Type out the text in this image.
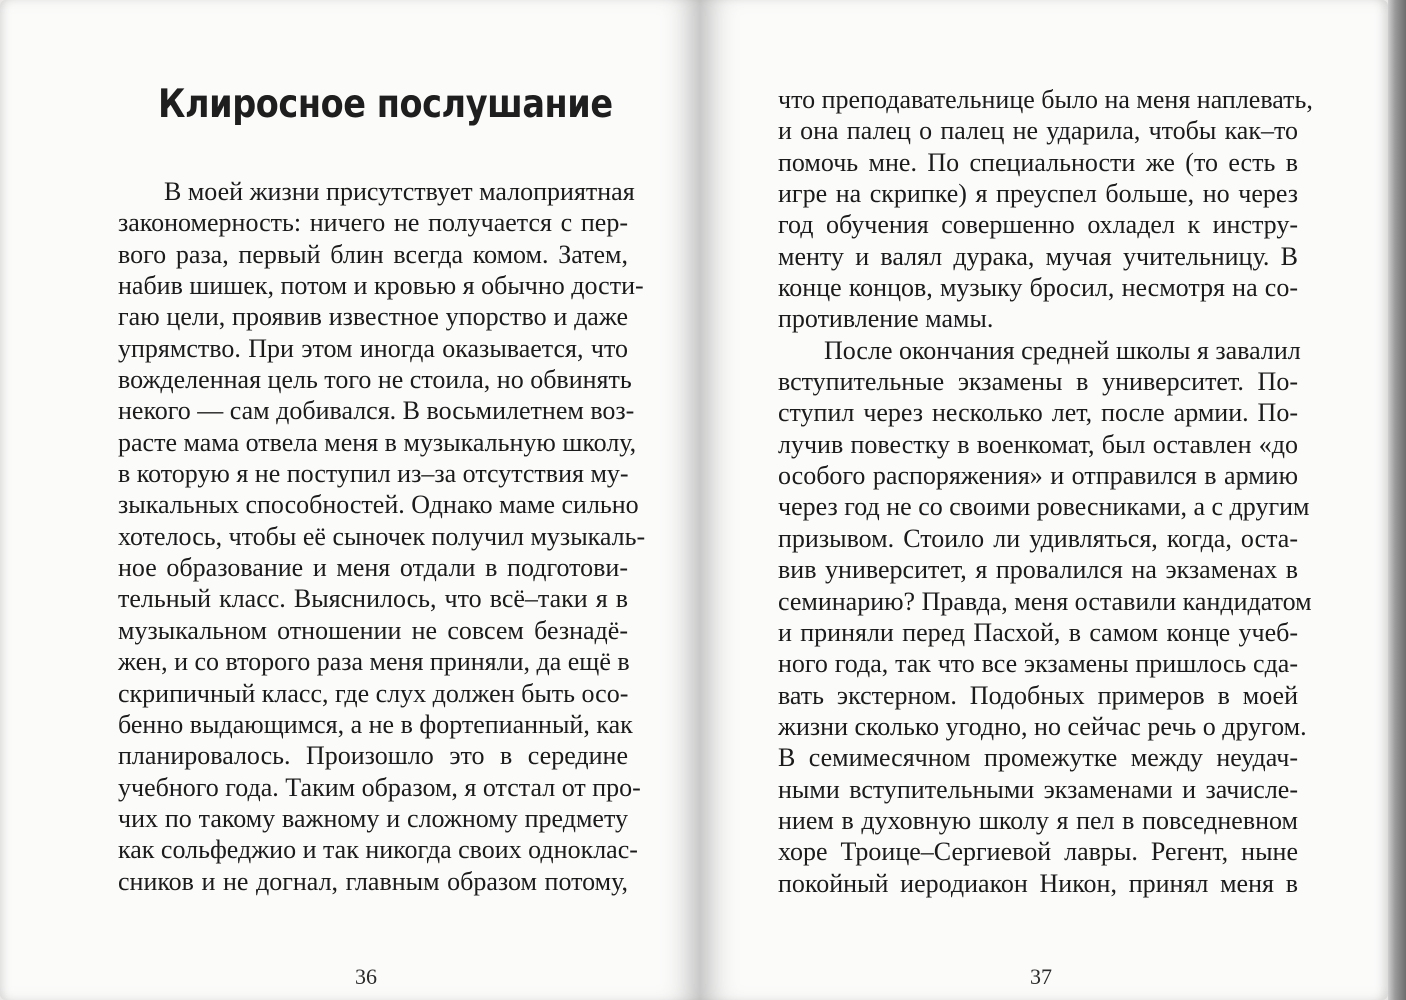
Клиросное послушание
В моей жизни присутствует малоприятная
закономерность: ничего не получается с пер-
вого раза, первый блин всегда комом. Затем,
набив шишек, потом и кровью я обычно дости-
гаю цели, проявив известное упорство и даже
упрямство. При этом иногда оказывается, что
вожделенная цель того не стоила, но обвинять
некого — сам добивался. В восьмилетнем воз-
расте мама отвела меня в музыкальную школу,
в которую я не поступил из–за отсутствия му-
зыкальных способностей. Однако маме сильно
хотелось, чтобы её сыночек получил музыкаль-
ное образование и меня отдали в подготови-
тельный класс. Выяснилось, что всё–таки я в
музыкальном отношении не совсем безнадё-
жен, и со второго раза меня приняли, да ещё в
скрипичный класс, где слух должен быть осо-
бенно выдающимся, а не в фортепианный, как
планировалось. Произошло это в середине
учебного года. Таким образом, я отстал от про-
чих по такому важному и сложному предмету
как сольфеджио и так никогда своих одноклас-
сников и не догнал, главным образом потому,
36	37
что преподавательнице было на меня наплевать,
и она палец о палец не ударила, чтобы как–то
помочь мне. По специальности же (то есть в
игре на скрипке) я преуспел больше, но через
год обучения совершенно охладел к инстру-
менту и валял дурака, мучая учительницу. В
конце концов, музыку бросил, несмотря на со-
противление мамы.
После окончания средней школы я завалил
вступительные экзамены в университет. По-
ступил через несколько лет, после армии. По-
лучив повестку в военкомат, был оставлен «до
особого распоряжения» и отправился в армию
через год не со своими ровесниками, а с другим
призывом. Стоило ли удивляться, когда, оста-
вив университет, я провалился на экзаменах в
семинарию? Правда, меня оставили кандидатом
и приняли перед Пасхой, в самом конце учеб-
ного года, так что все экзамены пришлось сда-
вать экстерном. Подобных примеров в моей
жизни сколько угодно, но сейчас речь о другом.
В семимесячном промежутке между неудач-
ными вступительными экзаменами и зачисле-
нием в духовную школу я пел в повседневном
хоре Троице–Сергиевой лавры. Регент, ныне
покойный иеродиакон Никон, принял меня в
